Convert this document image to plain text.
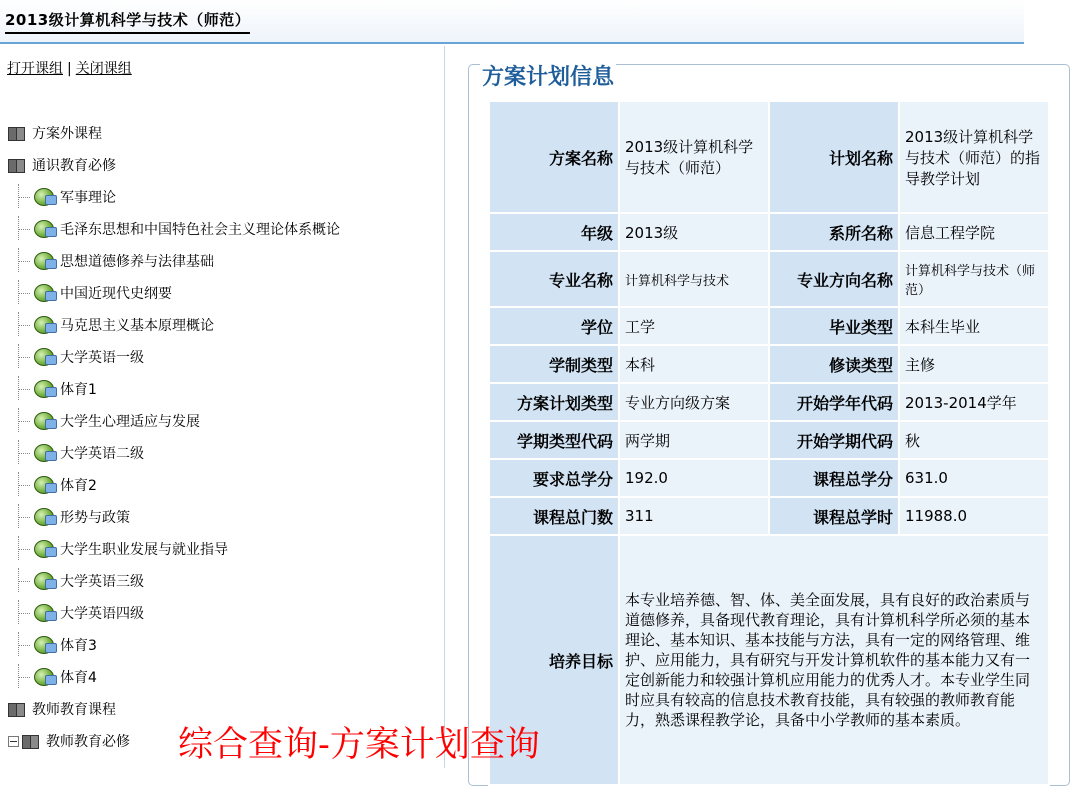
2013级计算机科学与技术（师范）
打开课组 | 关闭课组
方案外课程
通识教育必修
军事理论
毛泽东思想和中国特色社会主义理论体系概论
思想道德修养与法律基础
中国近现代史纲要
马克思主义基本原理概论
大学英语一级
体育1
大学生心理适应与发展
大学英语二级
体育2
形势与政策
大学生职业发展与就业指导
大学英语三级
大学英语四级
体育3
体育4
教师教育课程
教师教育必修
方案计划信息
方案名称	2013级计算机科学与技术（师范）	计划名称	2013级计算机科学与技术（师范）的指导教学计划
年级	2013级	系所名称	信息工程学院
专业名称	计算机科学与技术	专业方向名称	计算机科学与技术（师范）
学位	工学	毕业类型	本科生毕业
学制类型	本科	修读类型	主修
方案计划类型	专业方向级方案	开始学年代码	2013-2014学年
学期类型代码	两学期	开始学期代码	秋
要求总学分	192.0	课程总学分	631.0
课程总门数	311	课程总学时	11988.0
培养目标	本专业培养德、智、体、美全面发展，具有良好的政治素质与道德修养，具备现代教育理论，具有计算机科学所必须的基本理论、基本知识、基本技能与方法，具有一定的网络管理、维护、应用能力，具有研究与开发计算机软件的基本能力又有一定创新能力和较强计算机应用能力的优秀人才。本专业学生同时应具有较高的信息技术教育技能，具有较强的教师教育能力，熟悉课程教学论，具备中小学教师的基本素质。		
综合查询-方案计划查询
